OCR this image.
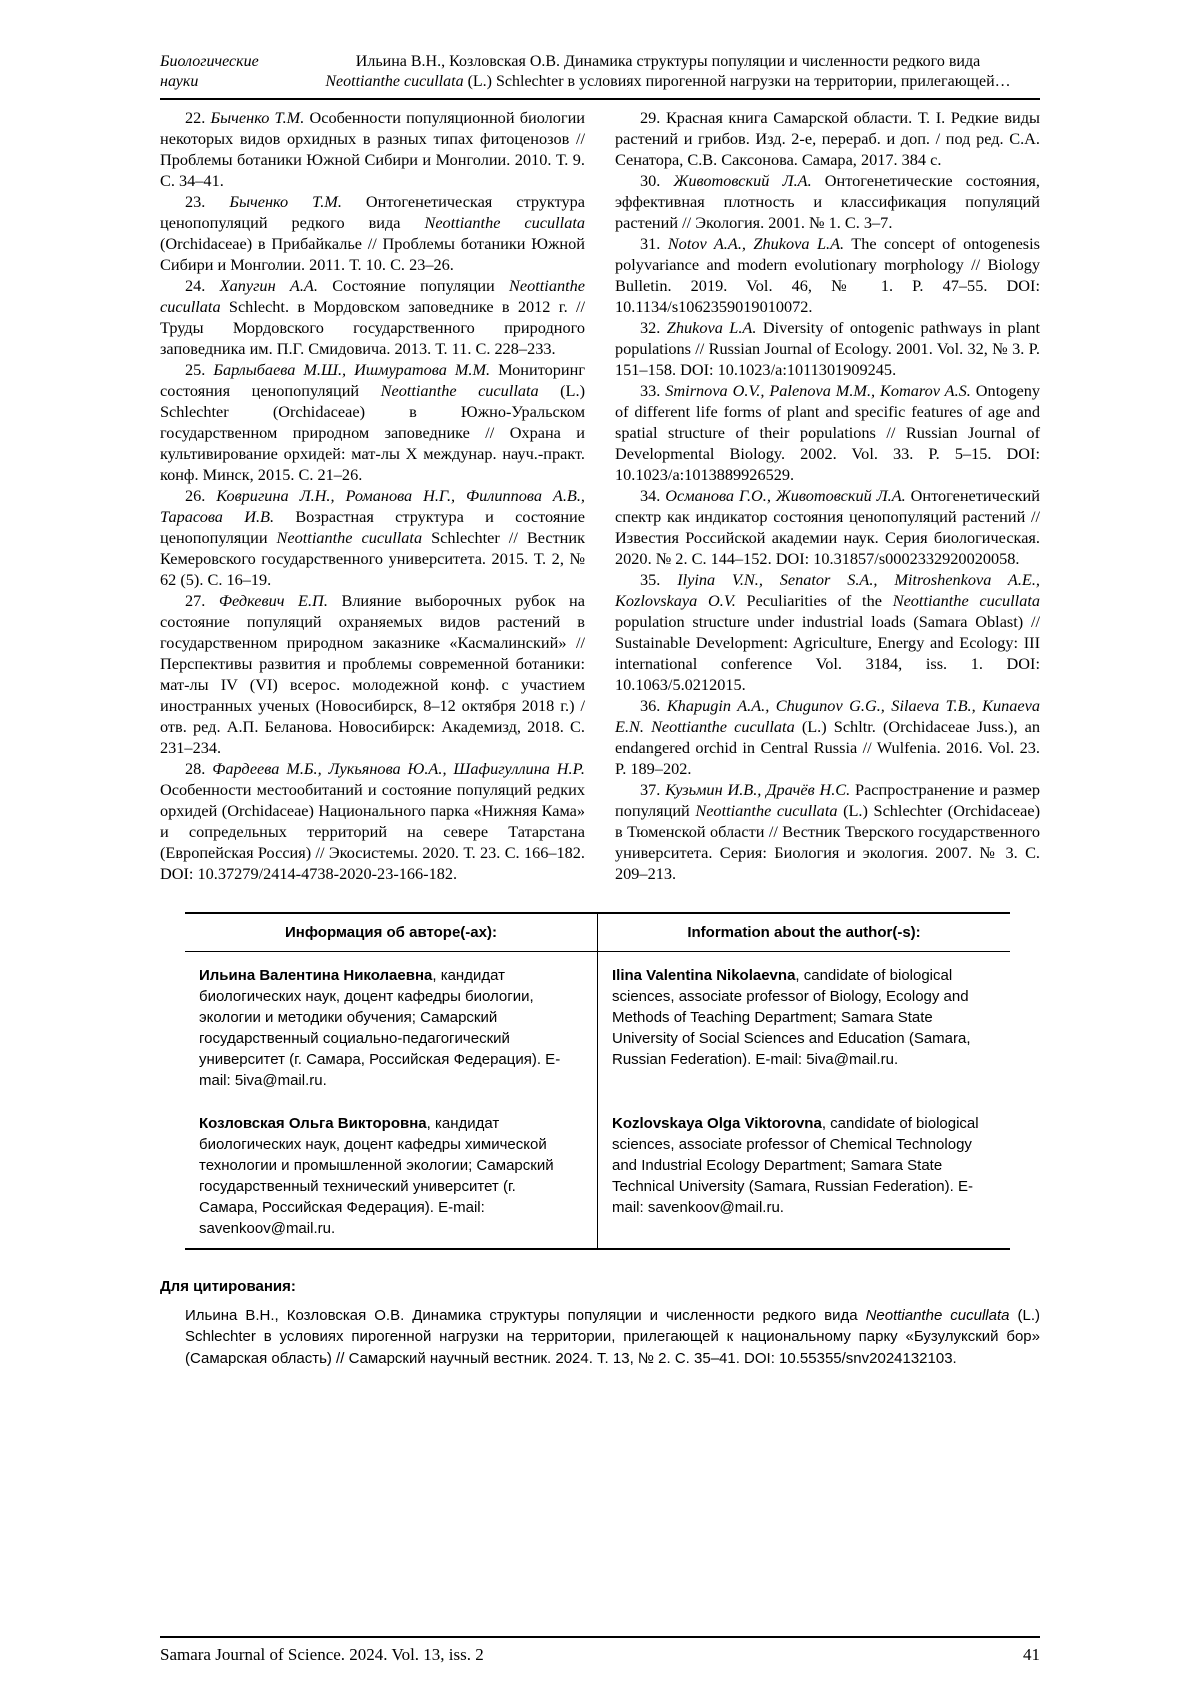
Биологические
науки
Ильина В.Н., Козловская О.В. Динамика структуры популяции и численности редкого вида
Neottianthe cucullata (L.) Schlechter в условиях пирогенной нагрузки на территории, прилегающей…

22. Быченко Т.М. Особенности популяционной биологии некоторых видов орхидных в разных типах фитоценозов // Проблемы ботаники Южной Сибири и Монголии. 2010. Т. 9. С. 34–41.

23. Быченко Т.М. Онтогенетическая структура ценопопуляций редкого вида Neottianthe cucullata (Orchidaceae) в Прибайкалье // Проблемы ботаники Южной Сибири и Монголии. 2011. Т. 10. С. 23–26.

24. Хапугин А.А. Состояние популяции Neottianthe cucullata Schlecht. в Мордовском заповеднике в 2012 г. // Труды Мордовского государственного природного заповедника им. П.Г. Смидовича. 2013. Т. 11. С. 228–233.

25. Барлыбаева М.Ш., Ишмуратова М.М. Мониторинг состояния ценопопуляций Neottianthe cucullata (L.) Schlechter (Orchidaceae) в Южно-Уральском государственном природном заповеднике // Охрана и культивирование орхидей: мат-лы X междунар. науч.-практ. конф. Минск, 2015. С. 21–26.

26. Ковригина Л.Н., Романова Н.Г., Филиппова А.В., Тарасова И.В. Возрастная структура и состояние ценопопуляции Neottianthe cucullata Schlechter // Вестник Кемеровского государственного университета. 2015. Т. 2, № 62 (5). С. 16–19.

27. Федкевич Е.П. Влияние выборочных рубок на состояние популяций охраняемых видов растений в государственном природном заказнике «Касмалинский» // Перспективы развития и проблемы современной ботаники: мат-лы IV (VI) всерос. молодежной конф. с участием иностранных ученых (Новосибирск, 8–12 октября 2018 г.) / отв. ред. А.П. Беланова. Новосибирск: Академизд, 2018. С. 231–234.

28. Фардеева М.Б., Лукьянова Ю.А., Шафигуллина Н.Р. Особенности местообитаний и состояние популяций редких орхидей (Orchidaceae) Национального парка «Нижняя Кама» и сопредельных территорий на севере Татарстана (Европейская Россия) // Экосистемы. 2020. Т. 23. С. 166–182. DOI: 10.37279/2414-4738-2020-23-166-182.

29. Красная книга Самарской области. Т. I. Редкие виды растений и грибов. Изд. 2-е, перераб. и доп. / под ред. С.А. Сенатора, С.В. Саксонова. Самара, 2017. 384 с.

30. Животовский Л.А. Онтогенетические состояния, эффективная плотность и классификация популяций растений // Экология. 2001. № 1. С. 3–7.

31. Notov A.A., Zhukova L.A. The concept of ontogenesis polyvariance and modern evolutionary morphology // Biology Bulletin. 2019. Vol. 46, № 1. P. 47–55. DOI: 10.1134/s1062359019010072.

32. Zhukova L.A. Diversity of ontogenic pathways in plant populations // Russian Journal of Ecology. 2001. Vol. 32, № 3. P. 151–158. DOI: 10.1023/a:1011301909245.

33. Smirnova O.V., Palenova M.M., Komarov A.S. Ontogeny of different life forms of plant and specific features of age and spatial structure of their populations // Russian Journal of Developmental Biology. 2002. Vol. 33. P. 5–15. DOI: 10.1023/a:1013889926529.

34. Османова Г.О., Животовский Л.А. Онтогенетический спектр как индикатор состояния ценопопуляций растений // Известия Российской академии наук. Серия биологическая. 2020. № 2. С. 144–152. DOI: 10.31857/s0002332920020058.

35. Ilyina V.N., Senator S.A., Mitroshenkova A.E., Kozlovskaya O.V. Peculiarities of the Neottianthe cucullata population structure under industrial loads (Samara Oblast) // Sustainable Development: Agriculture, Energy and Ecology: III international conference Vol. 3184, iss. 1. DOI: 10.1063/5.0212015.

36. Khapugin A.A., Chugunov G.G., Silaeva T.B., Kunaeva E.N. Neottianthe cucullata (L.) Schltr. (Orchidaceae Juss.), an endangered orchid in Central Russia // Wulfenia. 2016. Vol. 23. P. 189–202.

37. Кузьмин И.В., Драчёв Н.С. Распространение и размер популяций Neottianthe cucullata (L.) Schlechter (Orchidaceae) в Тюменской области // Вестник Тверского государственного университета. Серия: Биология и экология. 2007. № 3. С. 209–213.

Информация об авторе(-ах):	Information about the author(-s):
Ильина Валентина Николаевна, кандидат биологических наук, доцент кафедры биологии, экологии и методики обучения; Самарский государственный социально-педагогический университет (г. Самара, Российская Федерация). E-mail: 5iva@mail.ru.	Ilina Valentina Nikolaevna, candidate of biological sciences, associate professor of Biology, Ecology and Methods of Teaching Department; Samara State University of Social Sciences and Education (Samara, Russian Federation). E-mail: 5iva@mail.ru.
Козловская Ольга Викторовна, кандидат биологических наук, доцент кафедры химической технологии и промышленной экологии; Самарский государственный технический университет (г. Самара, Российская Федерация). E-mail: savenkoov@mail.ru.	Kozlovskaya Olga Viktorovna, candidate of biological sciences, associate professor of Chemical Technology and Industrial Ecology Department; Samara State Technical University (Samara, Russian Federation). E-mail: savenkoov@mail.ru.
Для цитирования:

Ильина В.Н., Козловская О.В. Динамика структуры популяции и численности редкого вида Neottianthe cucullata (L.) Schlechter в условиях пирогенной нагрузки на территории, прилегающей к национальному парку «Бузулукский бор» (Самарская область) // Самарский научный вестник. 2024. Т. 13, № 2. С. 35–41. DOI: 10.55355/snv2024132103.

Samara Journal of Science. 2024. Vol. 13, iss. 2	41
